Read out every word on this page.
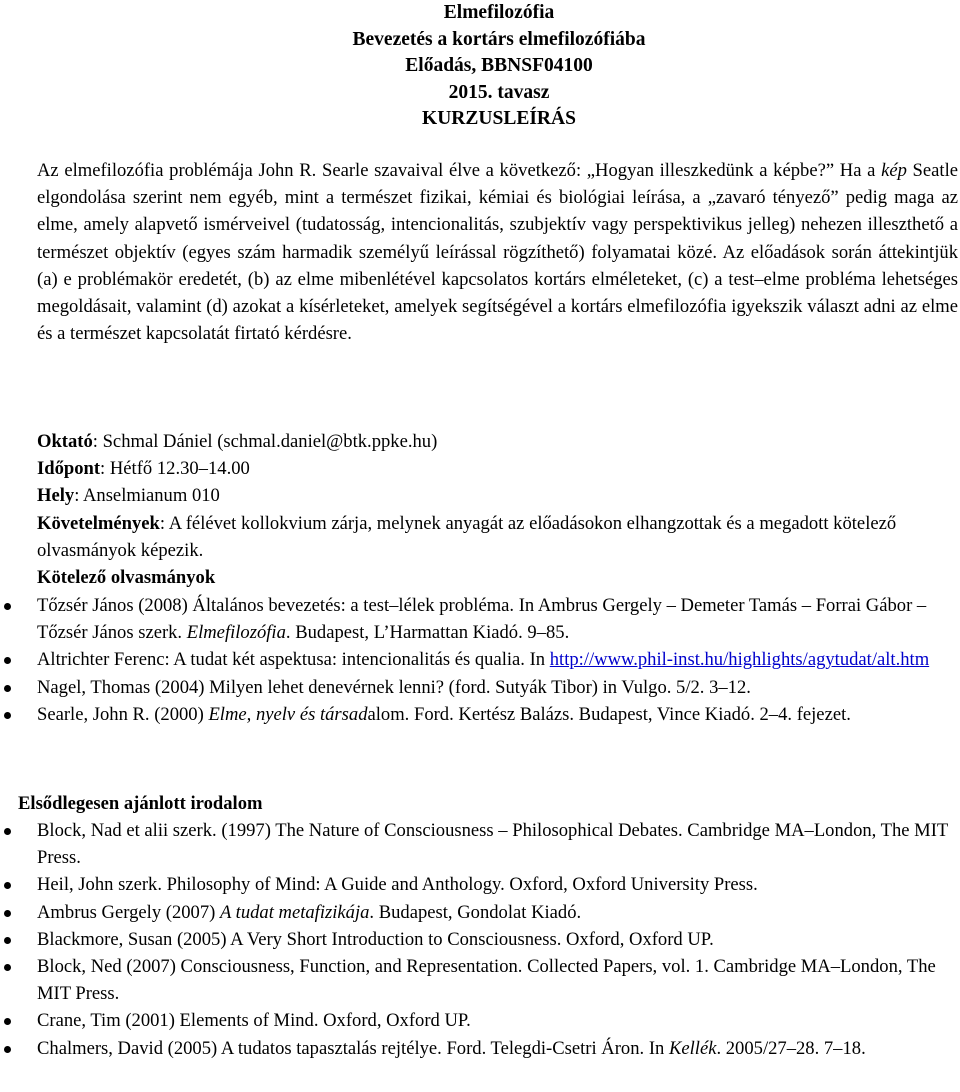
Elmefilozófia
Bevezetés a kortárs elmefilozófiába
Előadás, BBNSF04100
2015. tavasz
KURZUSLEÍRÁS
Az elmefilozófia problémája John R. Searle szavaival élve a következő: „Hogyan illeszkedünk a képbe?” Ha a kép Seatle elgondolása szerint nem egyéb, mint a természet fizikai, kémiai és biológiai leírása, a „zavaró tényező” pedig maga az elme, amely alapvető ismérveivel (tudatosság, intencionalitás, szubjektív vagy perspektivikus jelleg) nehezen illeszthető a természet objektív (egyes szám harmadik személyű leírással rögzíthető) folyamatai közé. Az előadások során áttekintjük (a) e problémakör eredetét, (b) az elme mibenlétével kapcsolatos kortárs elméleteket, (c) a test–elme probléma lehetséges megoldásait, valamint (d) azokat a kísérleteket, amelyek segítségével a kortárs elmefilozófia igyekszik választ adni az elme és a természet kapcsolatát firtató kérdésre.

Oktató: Schmal Dániel (schmal.daniel@btk.ppke.hu)

Időpont: Hétfő 12.30–14.00

Hely: Anselmianum 010

Követelmények: A félévet kollokvium zárja, melynek anyagát az előadásokon elhangzottak és a megadott kötelező olvasmányok képezik.

Kötelező olvasmányok

Tőzsér János (2008) Általános bevezetés: a test–lélek probléma. In Ambrus Gergely – Demeter Tamás – Forrai Gábor – Tőzsér János szerk. Elmefilozófia. Budapest, L’Harmattan Kiadó. 9–85.
Altrichter Ferenc: A tudat két aspektusa: intencionalitás és qualia. In http://www.phil-inst.hu/highlights/agytudat/alt.htm
Nagel, Thomas (2004) Milyen lehet denevérnek lenni? (ford. Sutyák Tibor) in Vulgo. 5/2. 3–12.
Searle, John R. (2000) Elme, nyelv és társadalom. Ford. Kertész Balázs. Budapest, Vince Kiadó. 2–4. fejezet.
Elsődlegesen ajánlott irodalom
Block, Nad et alii szerk. (1997) The Nature of Consciousness – Philosophical Debates. Cambridge MA–London, The MIT Press.
Heil, John szerk. Philosophy of Mind: A Guide and Anthology. Oxford, Oxford University Press.
Ambrus Gergely (2007) A tudat metafizikája. Budapest, Gondolat Kiadó.
Blackmore, Susan (2005) A Very Short Introduction to Consciousness. Oxford, Oxford UP.
Block, Ned (2007) Consciousness, Function, and Representation. Collected Papers, vol. 1. Cambridge MA–London, The MIT Press.
Crane, Tim (2001) Elements of Mind. Oxford, Oxford UP.
Chalmers, David (2005) A tudatos tapasztalás rejtélye. Ford. Telegdi-Csetri Áron. In Kellék. 2005/27–28. 7–18.
